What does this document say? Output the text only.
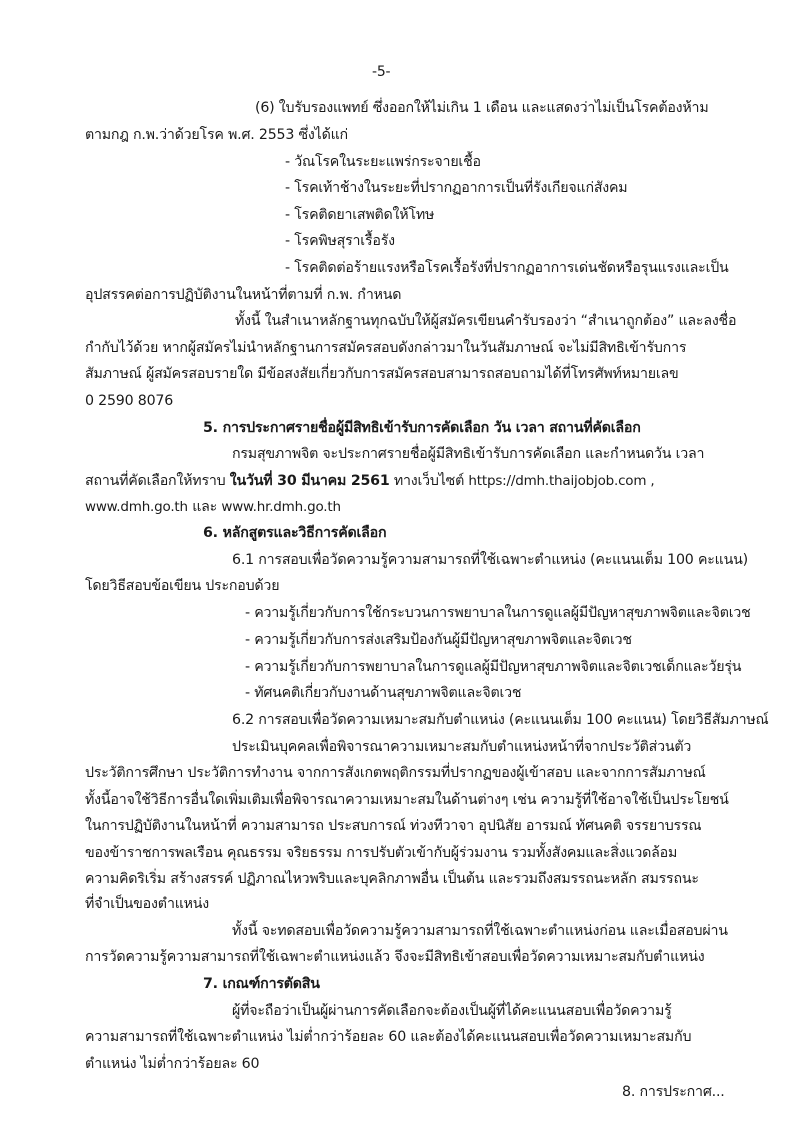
-5-
(6) ใบรับรองแพทย์ ซึ่งออกให้ไม่เกิน 1 เดือน และแสดงว่าไม่เป็นโรคต้องห้าม
ตามกฎ ก.พ.ว่าด้วยโรค พ.ศ. 2553 ซึ่งได้แก่
- วัณโรคในระยะแพร่กระจายเชื้อ
- โรคเท้าช้างในระยะที่ปรากฏอาการเป็นที่รังเกียจแก่สังคม
- โรคติดยาเสพติดให้โทษ
- โรคพิษสุราเรื้อรัง
- โรคติดต่อร้ายแรงหรือโรคเรื้อรังที่ปรากฏอาการเด่นชัดหรือรุนแรงและเป็น
อุปสรรคต่อการปฏิบัติงานในหน้าที่ตามที่ ก.พ. กำหนด
ทั้งนี้ ในสำเนาหลักฐานทุกฉบับให้ผู้สมัครเขียนคำรับรองว่า “สำเนาถูกต้อง” และลงชื่อ
กำกับไว้ด้วย หากผู้สมัครไม่นำหลักฐานการสมัครสอบดังกล่าวมาในวันสัมภาษณ์ จะไม่มีสิทธิเข้ารับการ
สัมภาษณ์ ผู้สมัครสอบรายใด มีข้อสงสัยเกี่ยวกับการสมัครสอบสามารถสอบถามได้ที่โทรศัพท์หมายเลข
0 2590 8076
5. การประกาศรายชื่อผู้มีสิทธิเข้ารับการคัดเลือก วัน เวลา สถานที่คัดเลือก
กรมสุขภาพจิต จะประกาศรายชื่อผู้มีสิทธิเข้ารับการคัดเลือก และกำหนดวัน เวลา
สถานที่คัดเลือกให้ทราบ ในวันที่ 30 มีนาคม 2561 ทางเว็บไซต์ https://dmh.thaijobjob.com ,
www.dmh.go.th และ www.hr.dmh.go.th
6. หลักสูตรและวิธีการคัดเลือก
6.1 การสอบเพื่อวัดความรู้ความสามารถที่ใช้เฉพาะตำแหน่ง (คะแนนเต็ม 100 คะแนน)
โดยวิธีสอบข้อเขียน ประกอบด้วย
- ความรู้เกี่ยวกับการใช้กระบวนการพยาบาลในการดูแลผู้มีปัญหาสุขภาพจิตและจิตเวช
- ความรู้เกี่ยวกับการส่งเสริมป้องกันผู้มีปัญหาสุขภาพจิตและจิตเวช
- ความรู้เกี่ยวกับการพยาบาลในการดูแลผู้มีปัญหาสุขภาพจิตและจิตเวชเด็กและวัยรุ่น
- ทัศนคติเกี่ยวกับงานด้านสุขภาพจิตและจิตเวช
6.2 การสอบเพื่อวัดความเหมาะสมกับตำแหน่ง (คะแนนเต็ม 100 คะแนน) โดยวิธีสัมภาษณ์
ประเมินบุคคลเพื่อพิจารณาความเหมาะสมกับตำแหน่งหน้าที่จากประวัติส่วนตัว
ประวัติการศึกษา ประวัติการทำงาน จากการสังเกตพฤติกรรมที่ปรากฏของผู้เข้าสอบ และจากการสัมภาษณ์
ทั้งนี้อาจใช้วิธีการอื่นใดเพิ่มเติมเพื่อพิจารณาความเหมาะสมในด้านต่างๆ เช่น ความรู้ที่ใช้อาจใช้เป็นประโยชน์
ในการปฏิบัติงานในหน้าที่ ความสามารถ ประสบการณ์ ท่วงทีวาจา อุปนิสัย อารมณ์ ทัศนคติ จรรยาบรรณ
ของข้าราชการพลเรือน คุณธรรม จริยธรรม การปรับตัวเข้ากับผู้ร่วมงาน รวมทั้งสังคมและสิ่งแวดล้อม
ความคิดริเริ่ม สร้างสรรค์ ปฏิภาณไหวพริบและบุคลิกภาพอื่น เป็นต้น และรวมถึงสมรรถนะหลัก สมรรถนะ
ที่จำเป็นของตำแหน่ง
ทั้งนี้ จะทดสอบเพื่อวัดความรู้ความสามารถที่ใช้เฉพาะตำแหน่งก่อน และเมื่อสอบผ่าน
การวัดความรู้ความสามารถที่ใช้เฉพาะตำแหน่งแล้ว จึงจะมีสิทธิเข้าสอบเพื่อวัดความเหมาะสมกับตำแหน่ง
7. เกณฑ์การตัดสิน
ผู้ที่จะถือว่าเป็นผู้ผ่านการคัดเลือกจะต้องเป็นผู้ที่ได้คะแนนสอบเพื่อวัดความรู้
ความสามารถที่ใช้เฉพาะตำแหน่ง ไม่ต่ำกว่าร้อยละ 60 และต้องได้คะแนนสอบเพื่อวัดความเหมาะสมกับ
ตำแหน่ง ไม่ต่ำกว่าร้อยละ 60
8. การประกาศ...
